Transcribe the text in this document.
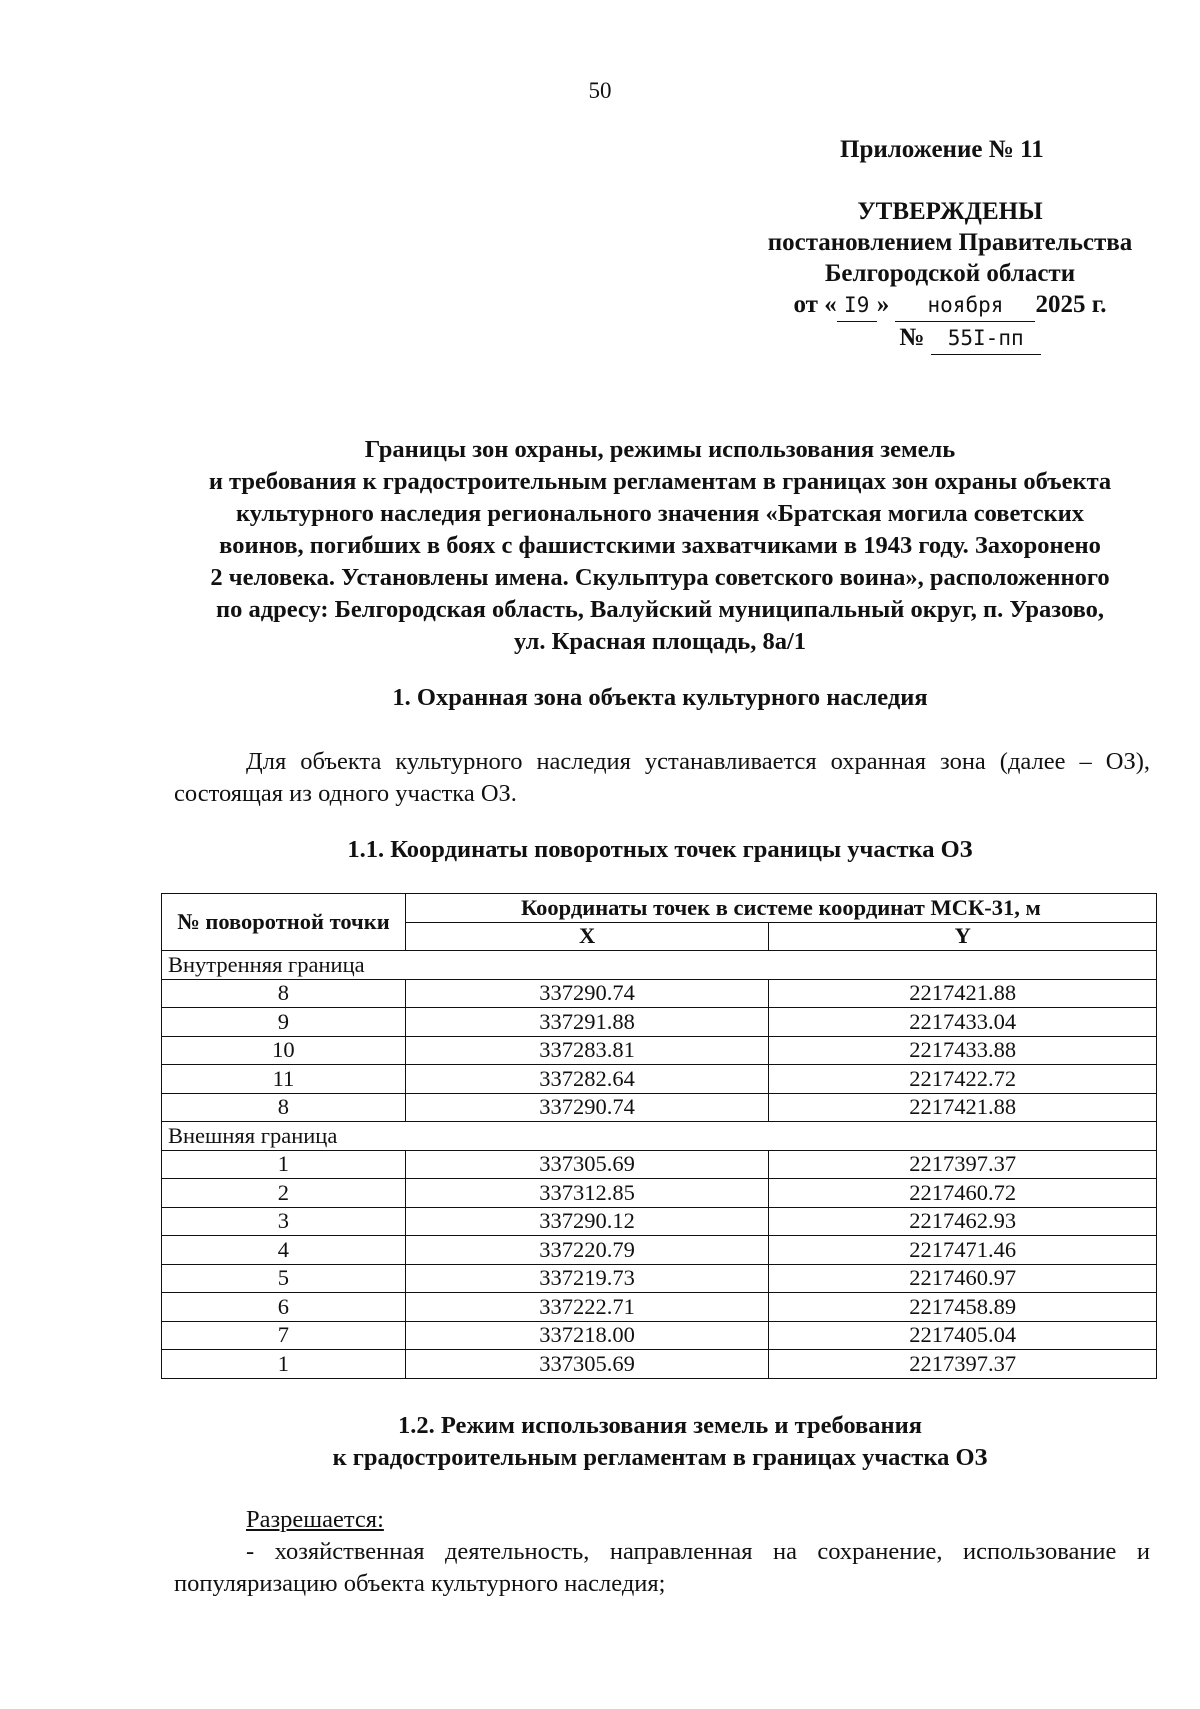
50
Приложение № 11
УТВЕРЖДЕНЫ
постановлением Правительства
Белгородской области
от « I9 » ноября 2025 г.
№ 55I-пп
Границы зон охраны, режимы использования земель
и требования к градостроительным регламентам в границах зон охраны объекта
культурного наследия регионального значения «Братская могила советских
воинов, погибших в боях с фашистскими захватчиками в 1943 году. Захоронено
2 человека. Установлены имена. Скульптура советского воина», расположенного
по адресу: Белгородская область, Валуйский муниципальный округ, п. Уразово,
ул. Красная площадь, 8а/1
1. Охранная зона объекта культурного наследия
Для объекта культурного наследия устанавливается охранная зона (далее – ОЗ), состоящая из одного участка ОЗ.
1.1. Координаты поворотных точек границы участка ОЗ
№ поворотной точки	Координаты точек в системе координат МСК-31, м	
	X	Y
Внутренняя граница		
8	337290.74	2217421.88
9	337291.88	2217433.04
10	337283.81	2217433.88
11	337282.64	2217422.72
8	337290.74	2217421.88
Внешняя граница		
1	337305.69	2217397.37
2	337312.85	2217460.72
3	337290.12	2217462.93
4	337220.79	2217471.46
5	337219.73	2217460.97
6	337222.71	2217458.89
7	337218.00	2217405.04
1	337305.69	2217397.37
1.2. Режим использования земель и требования
к градостроительным регламентам в границах участка ОЗ
Разрешается:
- хозяйственная деятельность, направленная на сохранение, использование и популяризацию объекта культурного наследия;
